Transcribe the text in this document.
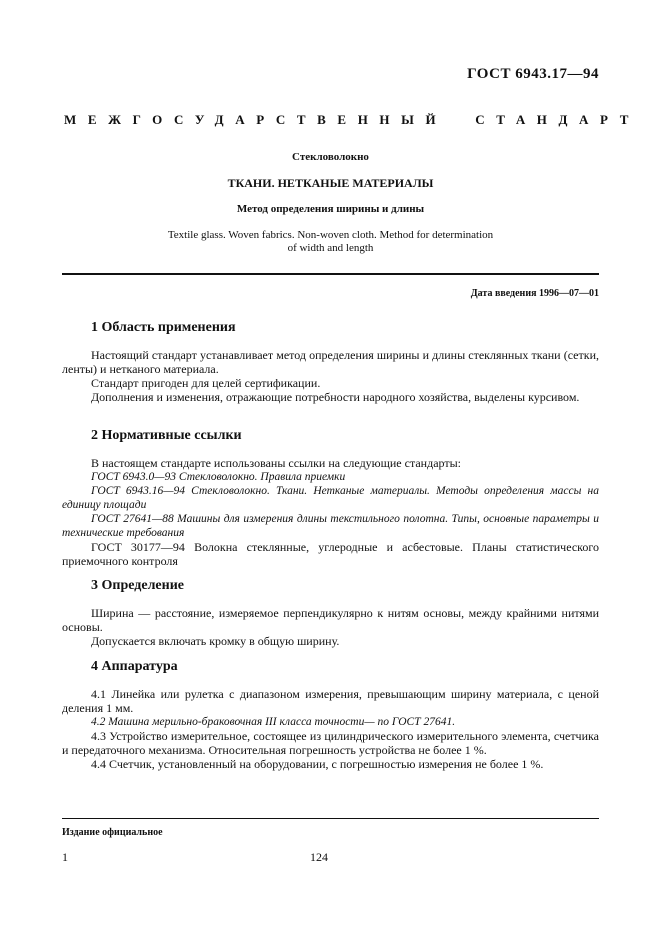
ГОСТ 6943.17—94
МЕЖГОСУДАРСТВЕННЫЙ СТАНДАРТ
Стекловолокно
ТКАНИ. НЕТКАНЫЕ МАТЕРИАЛЫ
Метод определения ширины и длины
Textile glass. Woven fabrics. Non-woven cloth. Method for determination
of width and length
Дата введения 1996—07—01
1 Область применения
Настоящий стандарт устанавливает метод определения ширины и длины стеклянных ткани (сетки, ленты) и нетканого материала.
Стандарт пригоден для целей сертификации.
Дополнения и изменения, отражающие потребности народного хозяйства, выделены курсивом.
2 Нормативные ссылки
В настоящем стандарте использованы ссылки на следующие стандарты:
ГОСТ 6943.0—93 Стекловолокно. Правила приемки
ГОСТ 6943.16—94 Стекловолокно. Ткани. Нетканые материалы. Методы определения массы на единицу площади
ГОСТ 27641—88 Машины для измерения длины текстильного полотна. Типы, основные параметры и технические требования
ГОСТ 30177—94 Волокна стеклянные, углеродные и асбестовые. Планы статистического приемочного контроля
3 Определение
Ширина — расстояние, измеряемое перпендикулярно к нитям основы, между крайними нитями основы.
Допускается включать кромку в общую ширину.
4 Аппаратура
4.1 Линейка или рулетка с диапазоном измерения, превышающим ширину материала, с ценой деления 1 мм.
4.2 Машина мерильно-браковочная III класса точности— по ГОСТ 27641.
4.3 Устройство измерительное, состоящее из цилиндрического измерительного элемента, счетчика и передаточного механизма. Относительная погрешность устройства не более 1 %.
4.4 Счетчик, установленный на оборудовании, с погрешностью измерения не более 1 %.
Издание официальное
1	124
